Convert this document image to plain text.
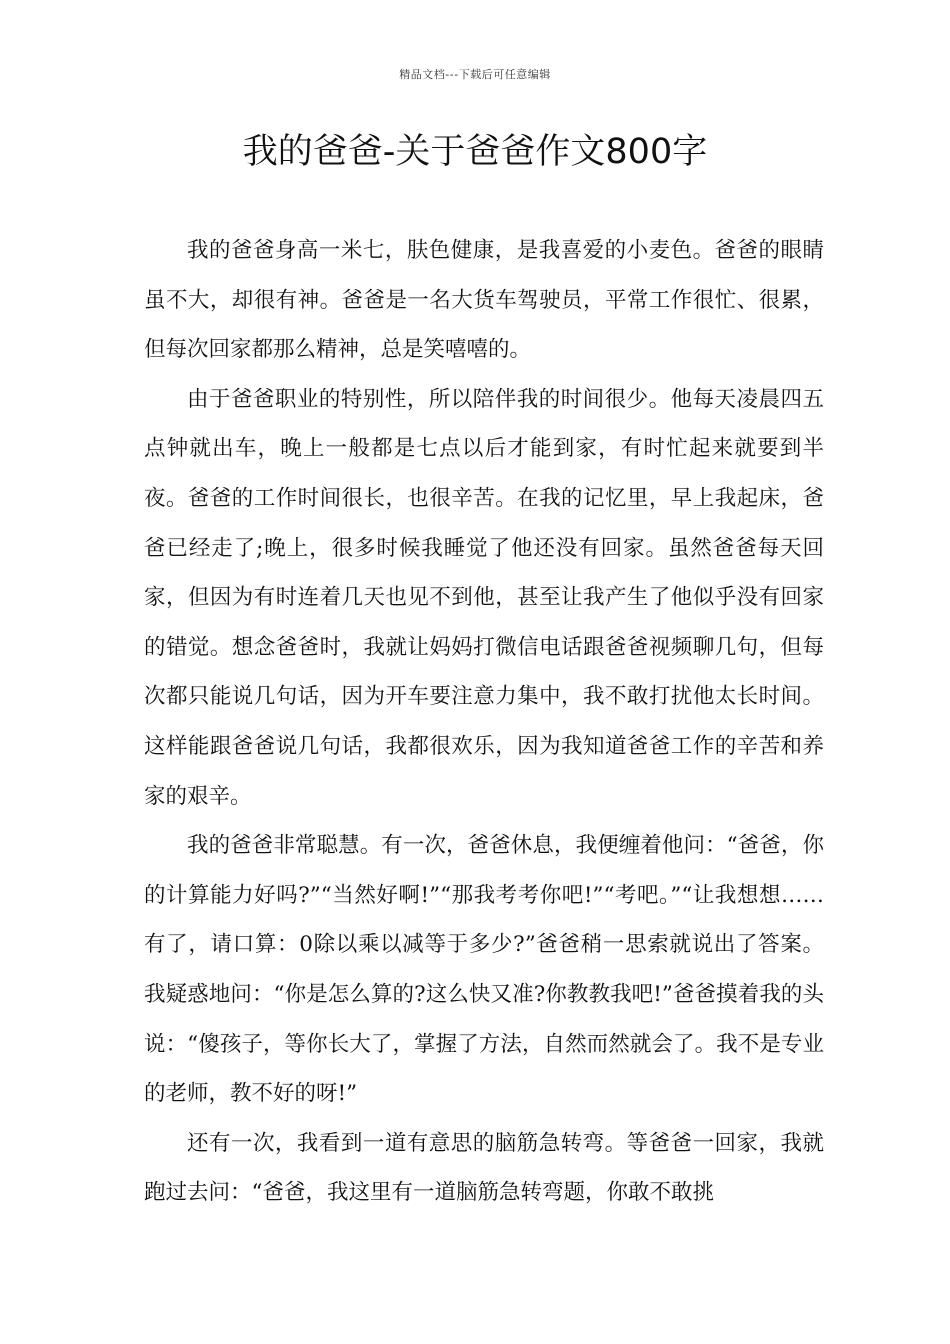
精品文档---下载后可任意编辑
我的爸爸-关于爸爸作文800字

我的爸爸身高一米七，肤色健康，是我喜爱的小麦色。爸爸的眼睛虽不大，却很有神。爸爸是一名大货车驾驶员，平常工作很忙、很累，但每次回家都那么精神，总是笑嘻嘻的。

由于爸爸职业的特别性，所以陪伴我的时间很少。他每天凌晨四五点钟就出车，晚上一般都是七点以后才能到家，有时忙起来就要到半夜。爸爸的工作时间很长，也很辛苦。在我的记忆里，早上我起床，爸爸已经走了;晚上，很多时候我睡觉了他还没有回家。虽然爸爸每天回家，但因为有时连着几天也见不到他，甚至让我产生了他似乎没有回家的错觉。想念爸爸时，我就让妈妈打微信电话跟爸爸视频聊几句，但每次都只能说几句话，因为开车要注意力集中，我不敢打扰他太长时间。这样能跟爸爸说几句话，我都很欢乐，因为我知道爸爸工作的辛苦和养家的艰辛。

我的爸爸非常聪慧。有一次，爸爸休息，我便缠着他问：“爸爸，你的计算能力好吗?”“当然好啊!”“那我考考你吧!”“考吧。”“让我想想……有了，请口算：0除以乘以减等于多少?”爸爸稍一思索就说出了答案。我疑惑地问：“你是怎么算的?这么快又准?你教教我吧!”爸爸摸着我的头说：“傻孩子，等你长大了，掌握了方法，自然而然就会了。我不是专业的老师，教不好的呀!”

还有一次，我看到一道有意思的脑筋急转弯。等爸爸一回家，我就跑过去问：“爸爸，我这里有一道脑筋急转弯题，你敢不敢挑
